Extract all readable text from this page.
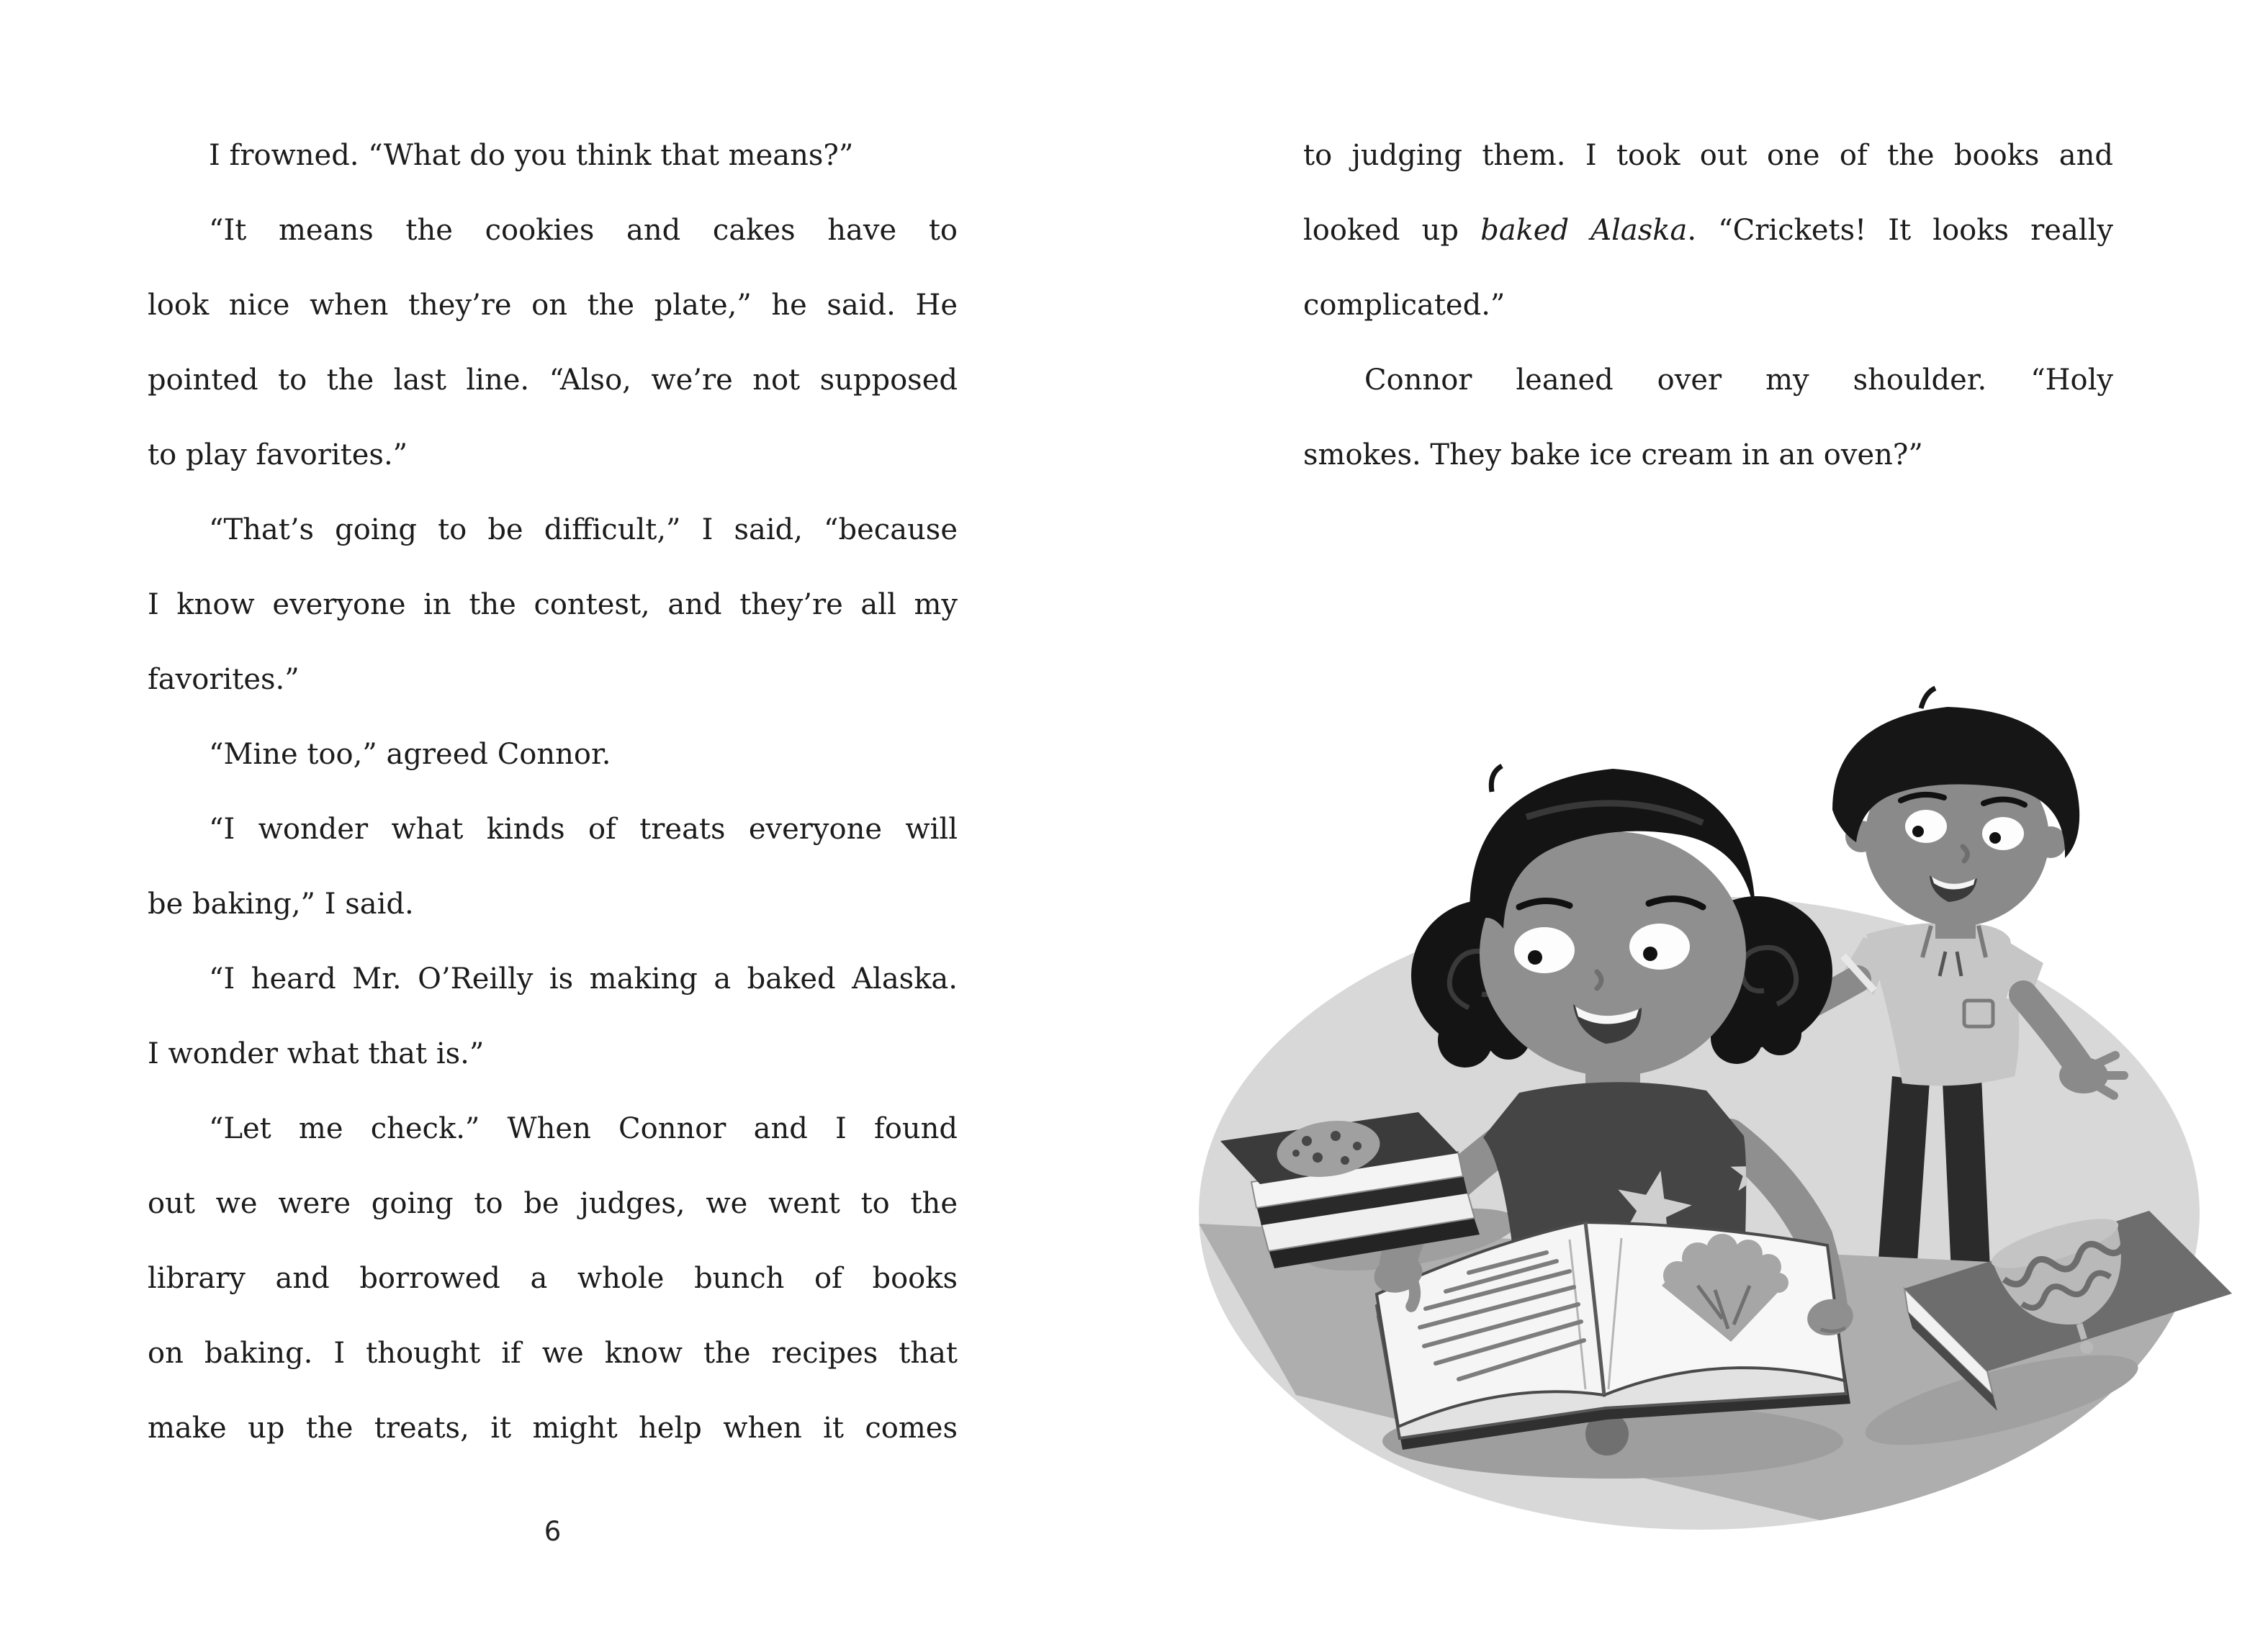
I frowned. “What do you think that means?”
“It means the cookies and cakes have to
look nice when they’re on the plate,” he said. He
pointed to the last line. “Also, we’re not supposed
to play favorites.”
“That’s going to be difficult,” I said, “because
I know everyone in the contest, and they’re all my
favorites.”
“Mine too,” agreed Connor.
“I wonder what kinds of treats everyone will
be baking,” I said.
“I heard Mr. O’Reilly is making a baked Alaska.
I wonder what that is.”
“Let me check.” When Connor and I found
out we were going to be judges, we went to the
library and borrowed a whole bunch of books
on baking. I thought if we know the recipes that
make up the treats, it might help when it comes
6
to judging them. I took out one of the books and
looked up baked Alaska. “Crickets! It looks really
complicated.”
Connor leaned over my shoulder. “Holy
smokes. They bake ice cream in an oven?”
